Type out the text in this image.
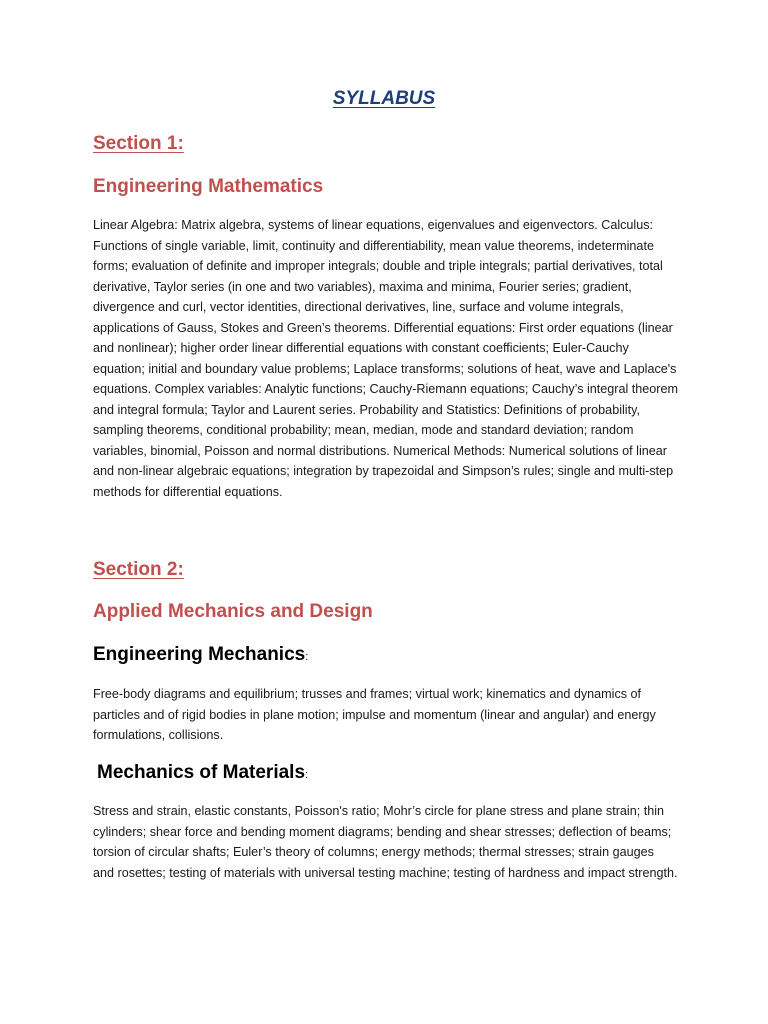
SYLLABUS
Section 1:
Engineering Mathematics

Linear Algebra: Matrix algebra, systems of linear equations, eigenvalues and eigenvectors. Calculus: Functions of single variable, limit, continuity and differentiability, mean value theorems, indeterminate forms; evaluation of definite and improper integrals; double and triple integrals; partial derivatives, total derivative, Taylor series (in one and two variables), maxima and minima, Fourier series; gradient, divergence and curl, vector identities, directional derivatives, line, surface and volume integrals, applications of Gauss, Stokes and Green’s theorems. Differential equations: First order equations (linear and nonlinear); higher order linear differential equations with constant coefficients; Euler-Cauchy equation; initial and boundary value problems; Laplace transforms; solutions of heat, wave and Laplace's equations. Complex variables: Analytic functions; Cauchy-Riemann equations; Cauchy’s integral theorem and integral formula; Taylor and Laurent series. Probability and Statistics: Definitions of probability, sampling theorems, conditional probability; mean, median, mode and standard deviation; random variables, binomial, Poisson and normal distributions. Numerical Methods: Numerical solutions of linear and non-linear algebraic equations; integration by trapezoidal and Simpson’s rules; single and multi-step methods for differential equations.

Section 2:
Applied Mechanics and Design
Engineering Mechanics:

Free-body diagrams and equilibrium; trusses and frames; virtual work; kinematics and dynamics of particles and of rigid bodies in plane motion; impulse and momentum (linear and angular) and energy formulations, collisions.

Mechanics of Materials:

Stress and strain, elastic constants, Poisson's ratio; Mohr’s circle for plane stress and plane strain; thin cylinders; shear force and bending moment diagrams; bending and shear stresses; deflection of beams; torsion of circular shafts; Euler’s theory of columns; energy methods; thermal stresses; strain gauges and rosettes; testing of materials with universal testing machine; testing of hardness and impact strength.
